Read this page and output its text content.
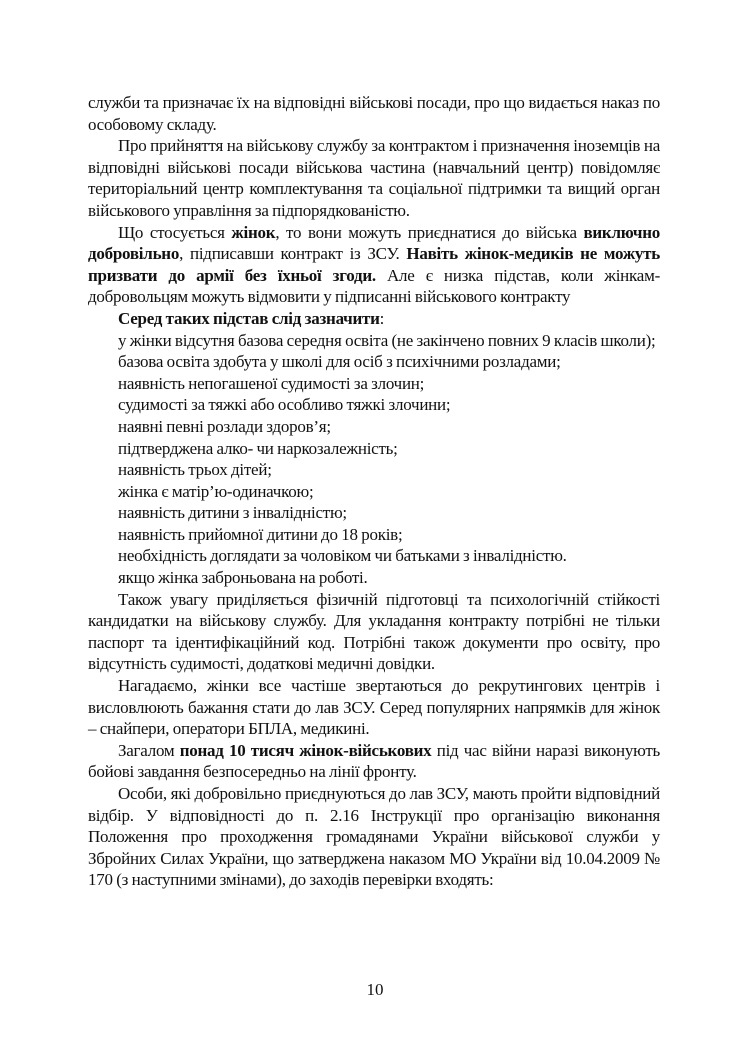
служби та призначає їх на відповідні військові посади, про що видається наказ по особовому складу.

Про прийняття на військову службу за контрактом і призначення іноземців на відповідні військові посади військова частина (навчальний центр) повідомляє територіальний центр комплектування та соціальної підтримки та вищий орган військового управління за підпорядкованістю.

Що стосується жінок, то вони можуть приєднатися до війська виключно добровільно, підписавши контракт із ЗСУ. Навіть жінок-медиків не можуть призвати до армії без їхньої згоди. Але є низка підстав, коли жінкам-добровольцям можуть відмовити у підписанні військового контракту

Серед таких підстав слід зазначити:

у жінки відсутня базова середня освіта (не закінчено повних 9 класів школи);
базова освіта здобута у школі для осіб з психічними розладами;
наявність непогашеної судимості за злочин;
судимості за тяжкі або особливо тяжкі злочини;
наявні певні розлади здоров’я;
підтверджена алко- чи наркозалежність;
наявність трьох дітей;
жінка є матір’ю-одиначкою;
наявність дитини з інвалідністю;
наявність прийомної дитини до 18 років;
необхідність доглядати за чоловіком чи батьками з інвалідністю.
якщо жінка заброньована на роботі.

Також увагу приділяється фізичній підготовці та психологічній стійкості кандидатки на військову службу. Для укладання контракту потрібні не тільки паспорт та ідентифікаційний код. Потрібні також документи про освіту, про відсутність судимості, додаткові медичні довідки.

Нагадаємо, жінки все частіше звертаються до рекрутингових центрів і висловлюють бажання стати до лав ЗСУ. Серед популярних напрямків для жінок – снайпери, оператори БПЛА, медикині.

Загалом понад 10 тисяч жінок-військових під час війни наразі виконують бойові завдання безпосередньо на лінії фронту.

Особи, які добровільно приєднуються до лав ЗСУ, мають пройти відповідний відбір. У відповідності до п. 2.16 Інструкції про організацію виконання Положення про проходження громадянами України військової служби у Збройних Силах України, що затверджена наказом МО України від 10.04.2009 № 170 (з наступними змінами), до заходів перевірки входять:

10
